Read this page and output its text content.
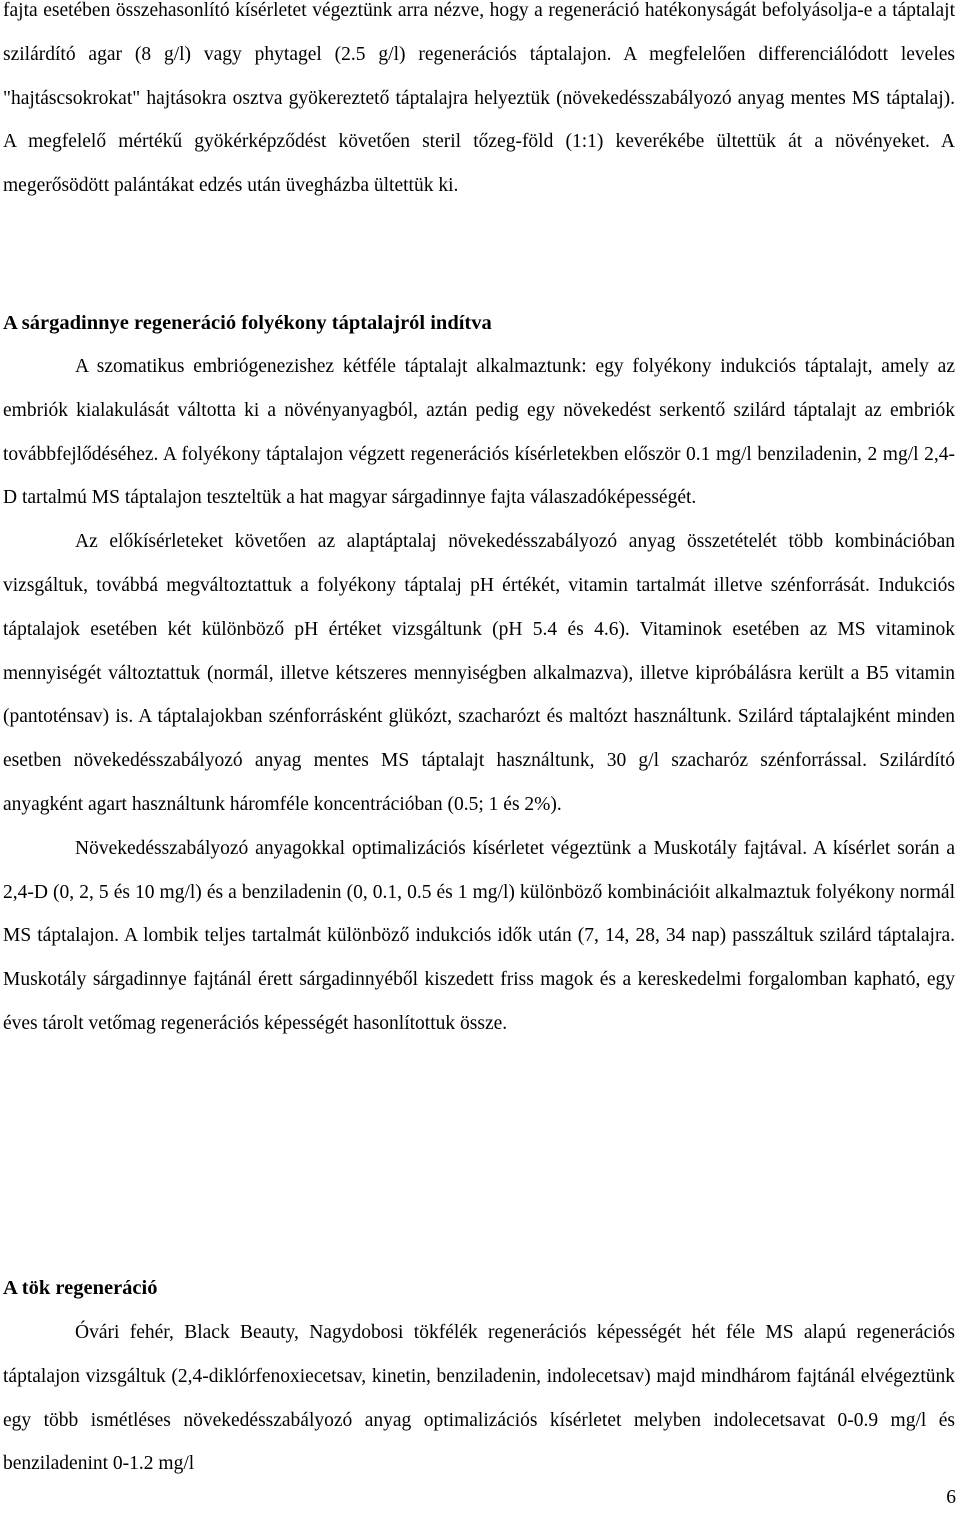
fajta esetében összehasonlító kísérletet végeztünk arra nézve, hogy a regeneráció hatékonyságát befolyásolja-e a táptalajt szilárdító agar (8 g/l) vagy phytagel (2.5 g/l) regenerációs táptalajon. A megfelelően differenciálódott leveles "hajtáscsokrokat" hajtásokra osztva gyökereztető táptalajra helyeztük (növekedésszabályozó anyag mentes MS táptalaj). A megfelelő mértékű gyökérképződést követően steril tőzeg-föld (1:1) keverékébe ültettük át a növényeket. A megerősödött palántákat edzés után üvegházba ültettük ki.

A sárgadinnye regeneráció folyékony táptalajról indítva

A szomatikus embriógenezishez kétféle táptalajt alkalmaztunk: egy folyékony indukciós táptalajt, amely az embriók kialakulását váltotta ki a növényanyagból, aztán pedig egy növekedést serkentő szilárd táptalajt az embriók továbbfejlődéséhez. A folyékony táptalajon végzett regenerációs kísérletekben először 0.1 mg/l benziladenin, 2 mg/l 2,4-D tartalmú MS táptalajon teszteltük a hat magyar sárgadinnye fajta válaszadóképességét.

Az előkísérleteket követően az alaptáptalaj növekedésszabályozó anyag összetételét több kombinációban vizsgáltuk, továbbá megváltoztattuk a folyékony táptalaj pH értékét, vitamin tartalmát illetve szénforrását. Indukciós táptalajok esetében két különböző pH értéket vizsgáltunk (pH 5.4 és 4.6). Vitaminok esetében az MS vitaminok mennyiségét változtattuk (normál, illetve kétszeres mennyiségben alkalmazva), illetve kipróbálásra került a B5 vitamin (pantoténsav) is. A táptalajokban szénforrásként glükózt, szacharózt és maltózt használtunk. Szilárd táptalajként minden esetben növekedésszabályozó anyag mentes MS táptalajt használtunk, 30 g/l szacharóz szénforrással. Szilárdító anyagként agart használtunk háromféle koncentrációban (0.5; 1 és 2%).

Növekedésszabályozó anyagokkal optimalizációs kísérletet végeztünk a Muskotály fajtával. A kísérlet során a 2,4-D (0, 2, 5 és 10 mg/l) és a benziladenin (0, 0.1, 0.5 és 1 mg/l) különböző kombinációit alkalmaztuk folyékony normál MS táptalajon. A lombik teljes tartalmát különböző indukciós idők után (7, 14, 28, 34 nap) passzáltuk szilárd táptalajra. Muskotály sárgadinnye fajtánál érett sárgadinnyéből kiszedett friss magok és a kereskedelmi forgalomban kapható, egy éves tárolt vetőmag regenerációs képességét hasonlítottuk össze.

A tök regeneráció

Óvári fehér, Black Beauty, Nagydobosi tökfélék regenerációs képességét hét féle MS alapú regenerációs táptalajon vizsgáltuk (2,4-diklórfenoxiecetsav, kinetin, benziladenin, indolecetsav) majd mindhárom fajtánál elvégeztünk egy több ismétléses növekedésszabályozó anyag optimalizációs kísérletet melyben indolecetsavat 0-0.9 mg/l és benziladenint 0-1.2 mg/l

6
